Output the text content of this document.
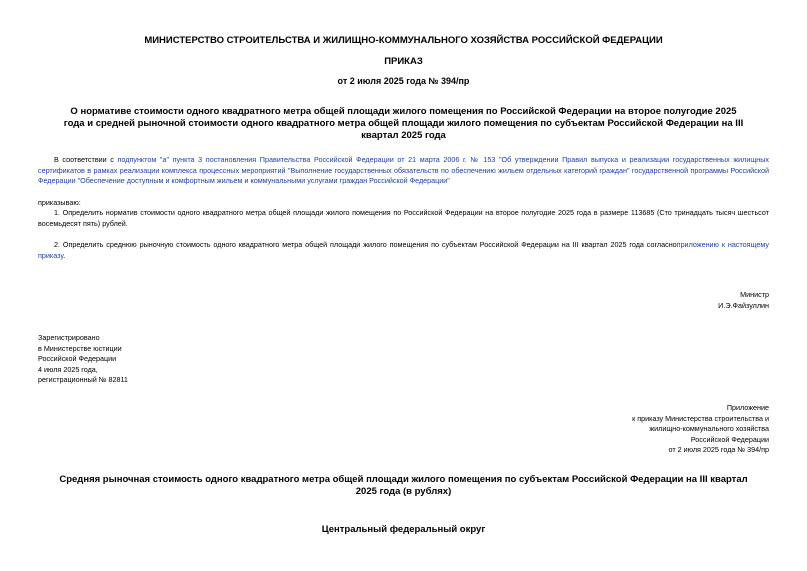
МИНИСТЕРСТВО СТРОИТЕЛЬСТВА И ЖИЛИЩНО-КОММУНАЛЬНОГО ХОЗЯЙСТВА РОССИЙСКОЙ ФЕДЕРАЦИИ
ПРИКАЗ
от 2 июля 2025 года № 394/пр
О нормативе стоимости одного квадратного метра общей площади жилого помещения по Российской Федерации на второе полугодие 2025 года и средней рыночной стоимости одного квадратного метра общей площади жилого помещения по субъектам Российской Федерации на III квартал 2025 года
В соответствии с подпунктом "а" пункта 3 постановления Правительства Российской Федерации от 21 марта 2006 г. № 153 "Об утверждении Правил выпуска и реализации государственных жилищных сертификатов в рамках реализации комплекса процессных мероприятий "Выполнение государственных обязательств по обеспечению жильем отдельных категорий граждан" государственной программы Российской Федерации "Обеспечение доступным и комфортным жильем и коммунальными услугами граждан Российской Федерации"
приказываю:
1. Определить норматив стоимости одного квадратного метра общей площади жилого помещения по Российской Федерации на второе полугодие 2025 года в размере 113685 (Сто тринадцать тысяч шестьсот восемьдесят пять) рублей.
2. Определить среднюю рыночную стоимость одного квадратного метра общей площади жилого помещения по субъектам Российской Федерации на III квартал 2025 года согласноприложению к настоящему приказу.
Министр
И.Э.Файзуллин
Зарегистрировано
в Министерстве юстиции
Российской Федерации
4 июля 2025 года,
регистрационный № 82811
Приложение
к приказу Министерства строительства и
жилищно-коммунального хозяйства
Российской Федерации
от 2 июля 2025 года № 394/пр
Средняя рыночная стоимость одного квадратного метра общей площади жилого помещения по субъектам Российской Федерации на III квартал 2025 года (в рублях)
Центральный федеральный округ
